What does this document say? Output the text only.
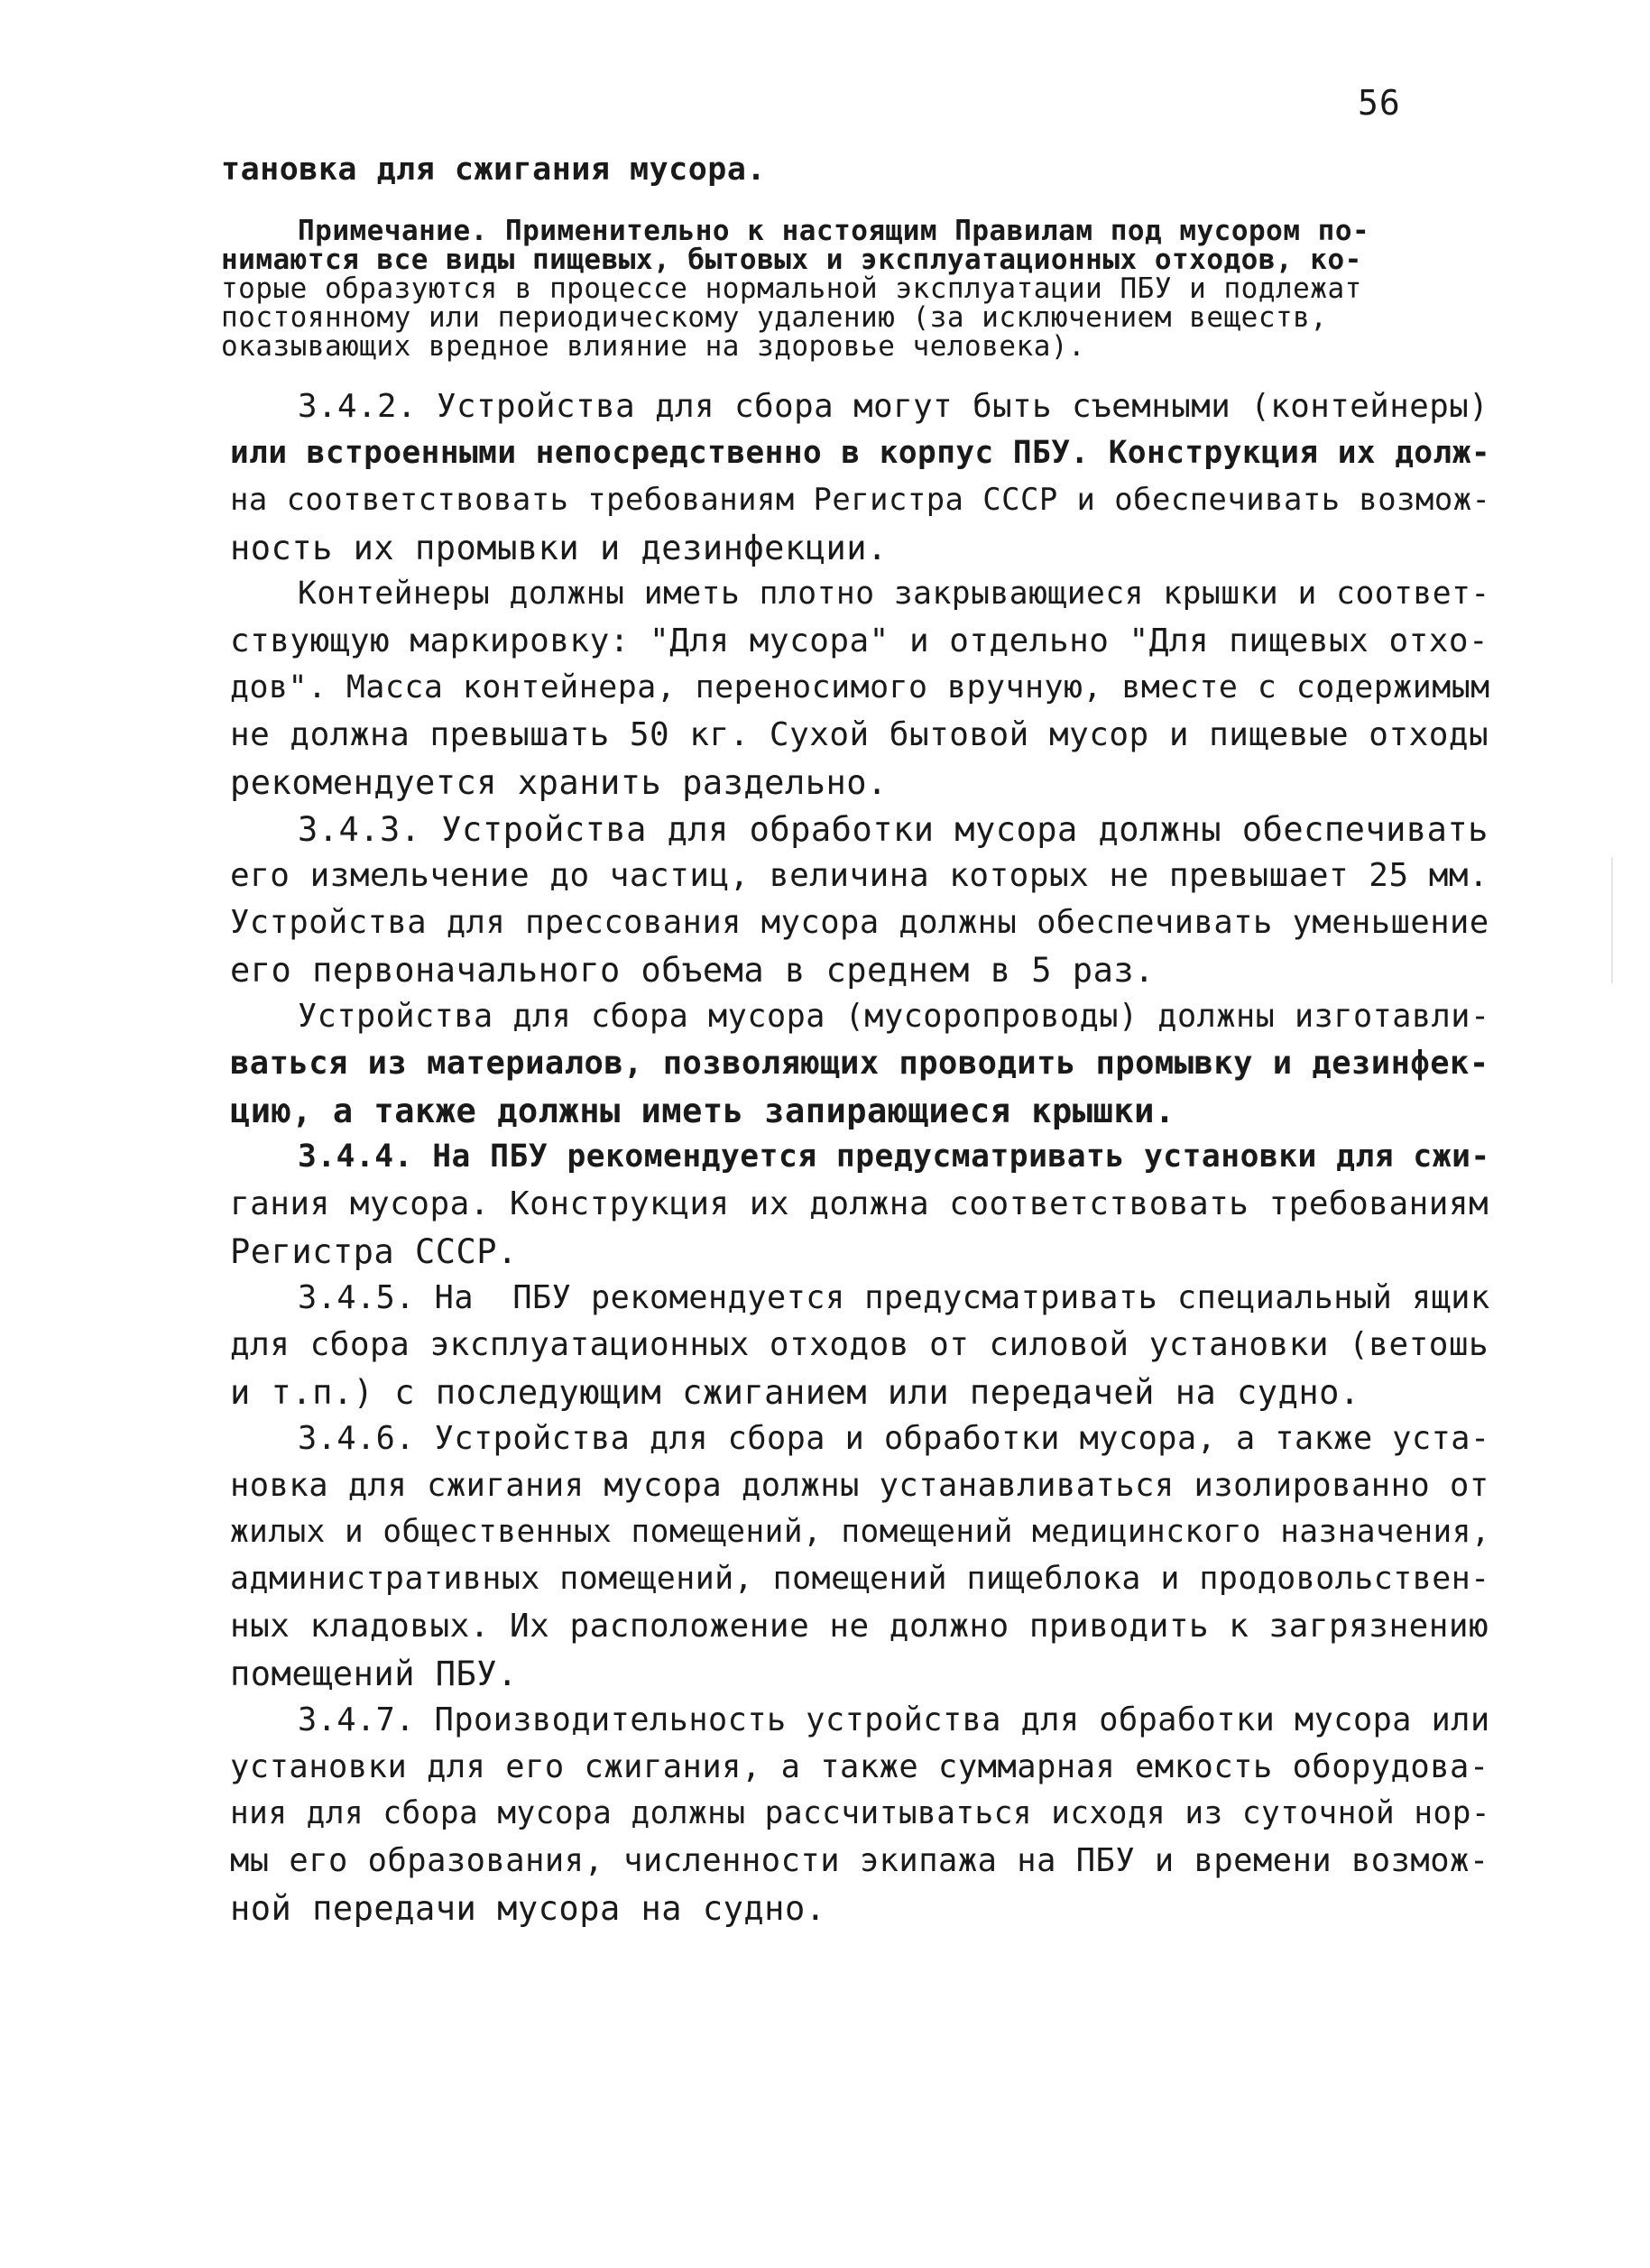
56
тановка для сжигания мусора.
Примечание. Применительно к настоящим Правилам под мусором по-
нимаются все виды пищевых, бытовых и эксплуатационных отходов, ко-
торые образуются в процессе нормальной эксплуатации ПБУ и подлежат
постоянному или периодическому удалению (за исключением веществ,
оказывающих вредное влияние на здоровье человека).
3.4.2. Устройства для сбора могут быть съемными (контейнеры)
или встроенными непосредственно в корпус ПБУ. Конструкция их долж-
на соответствовать требованиям Регистра СССР и обеспечивать возмож-
ность их промывки и дезинфекции.
Контейнеры должны иметь плотно закрывающиеся крышки и соответ-
ствующую маркировку: "Для мусора" и отдельно "Для пищевых отхо-
дов". Масса контейнера, переносимого вручную, вместе с содержимым
не должна превышать 50 кг. Сухой бытовой мусор и пищевые отходы
рекомендуется хранить раздельно.
3.4.3. Устройства для обработки мусора должны обеспечивать
его измельчение до частиц, величина которых не превышает 25 мм.
Устройства для прессования мусора должны обеспечивать уменьшение
его первоначального объема в среднем в 5 раз.
Устройства для сбора мусора (мусоропроводы) должны изготавли-
ваться из материалов, позволяющих проводить промывку и дезинфек-
цию, а также должны иметь запирающиеся крышки.
3.4.4. На ПБУ рекомендуется предусматривать установки для сжи-
гания мусора. Конструкция их должна соответствовать требованиям
Регистра СССР.
3.4.5. На  ПБУ рекомендуется предусматривать специальный ящик
для сбора эксплуатационных отходов от силовой установки (ветошь
и т.п.) с последующим сжиганием или передачей на судно.
3.4.6. Устройства для сбора и обработки мусора, а также уста-
новка для сжигания мусора должны устанавливаться изолированно от
жилых и общественных помещений, помещений медицинского назначения,
административных помещений, помещений пищеблока и продовольствен-
ных кладовых. Их расположение не должно приводить к загрязнению
помещений ПБУ.
3.4.7. Производительность устройства для обработки мусора или
установки для его сжигания, а также суммарная емкость оборудова-
ния для сбора мусора должны рассчитываться исходя из суточной нор-
мы его образования, численности экипажа на ПБУ и времени возмож-
ной передачи мусора на судно.
